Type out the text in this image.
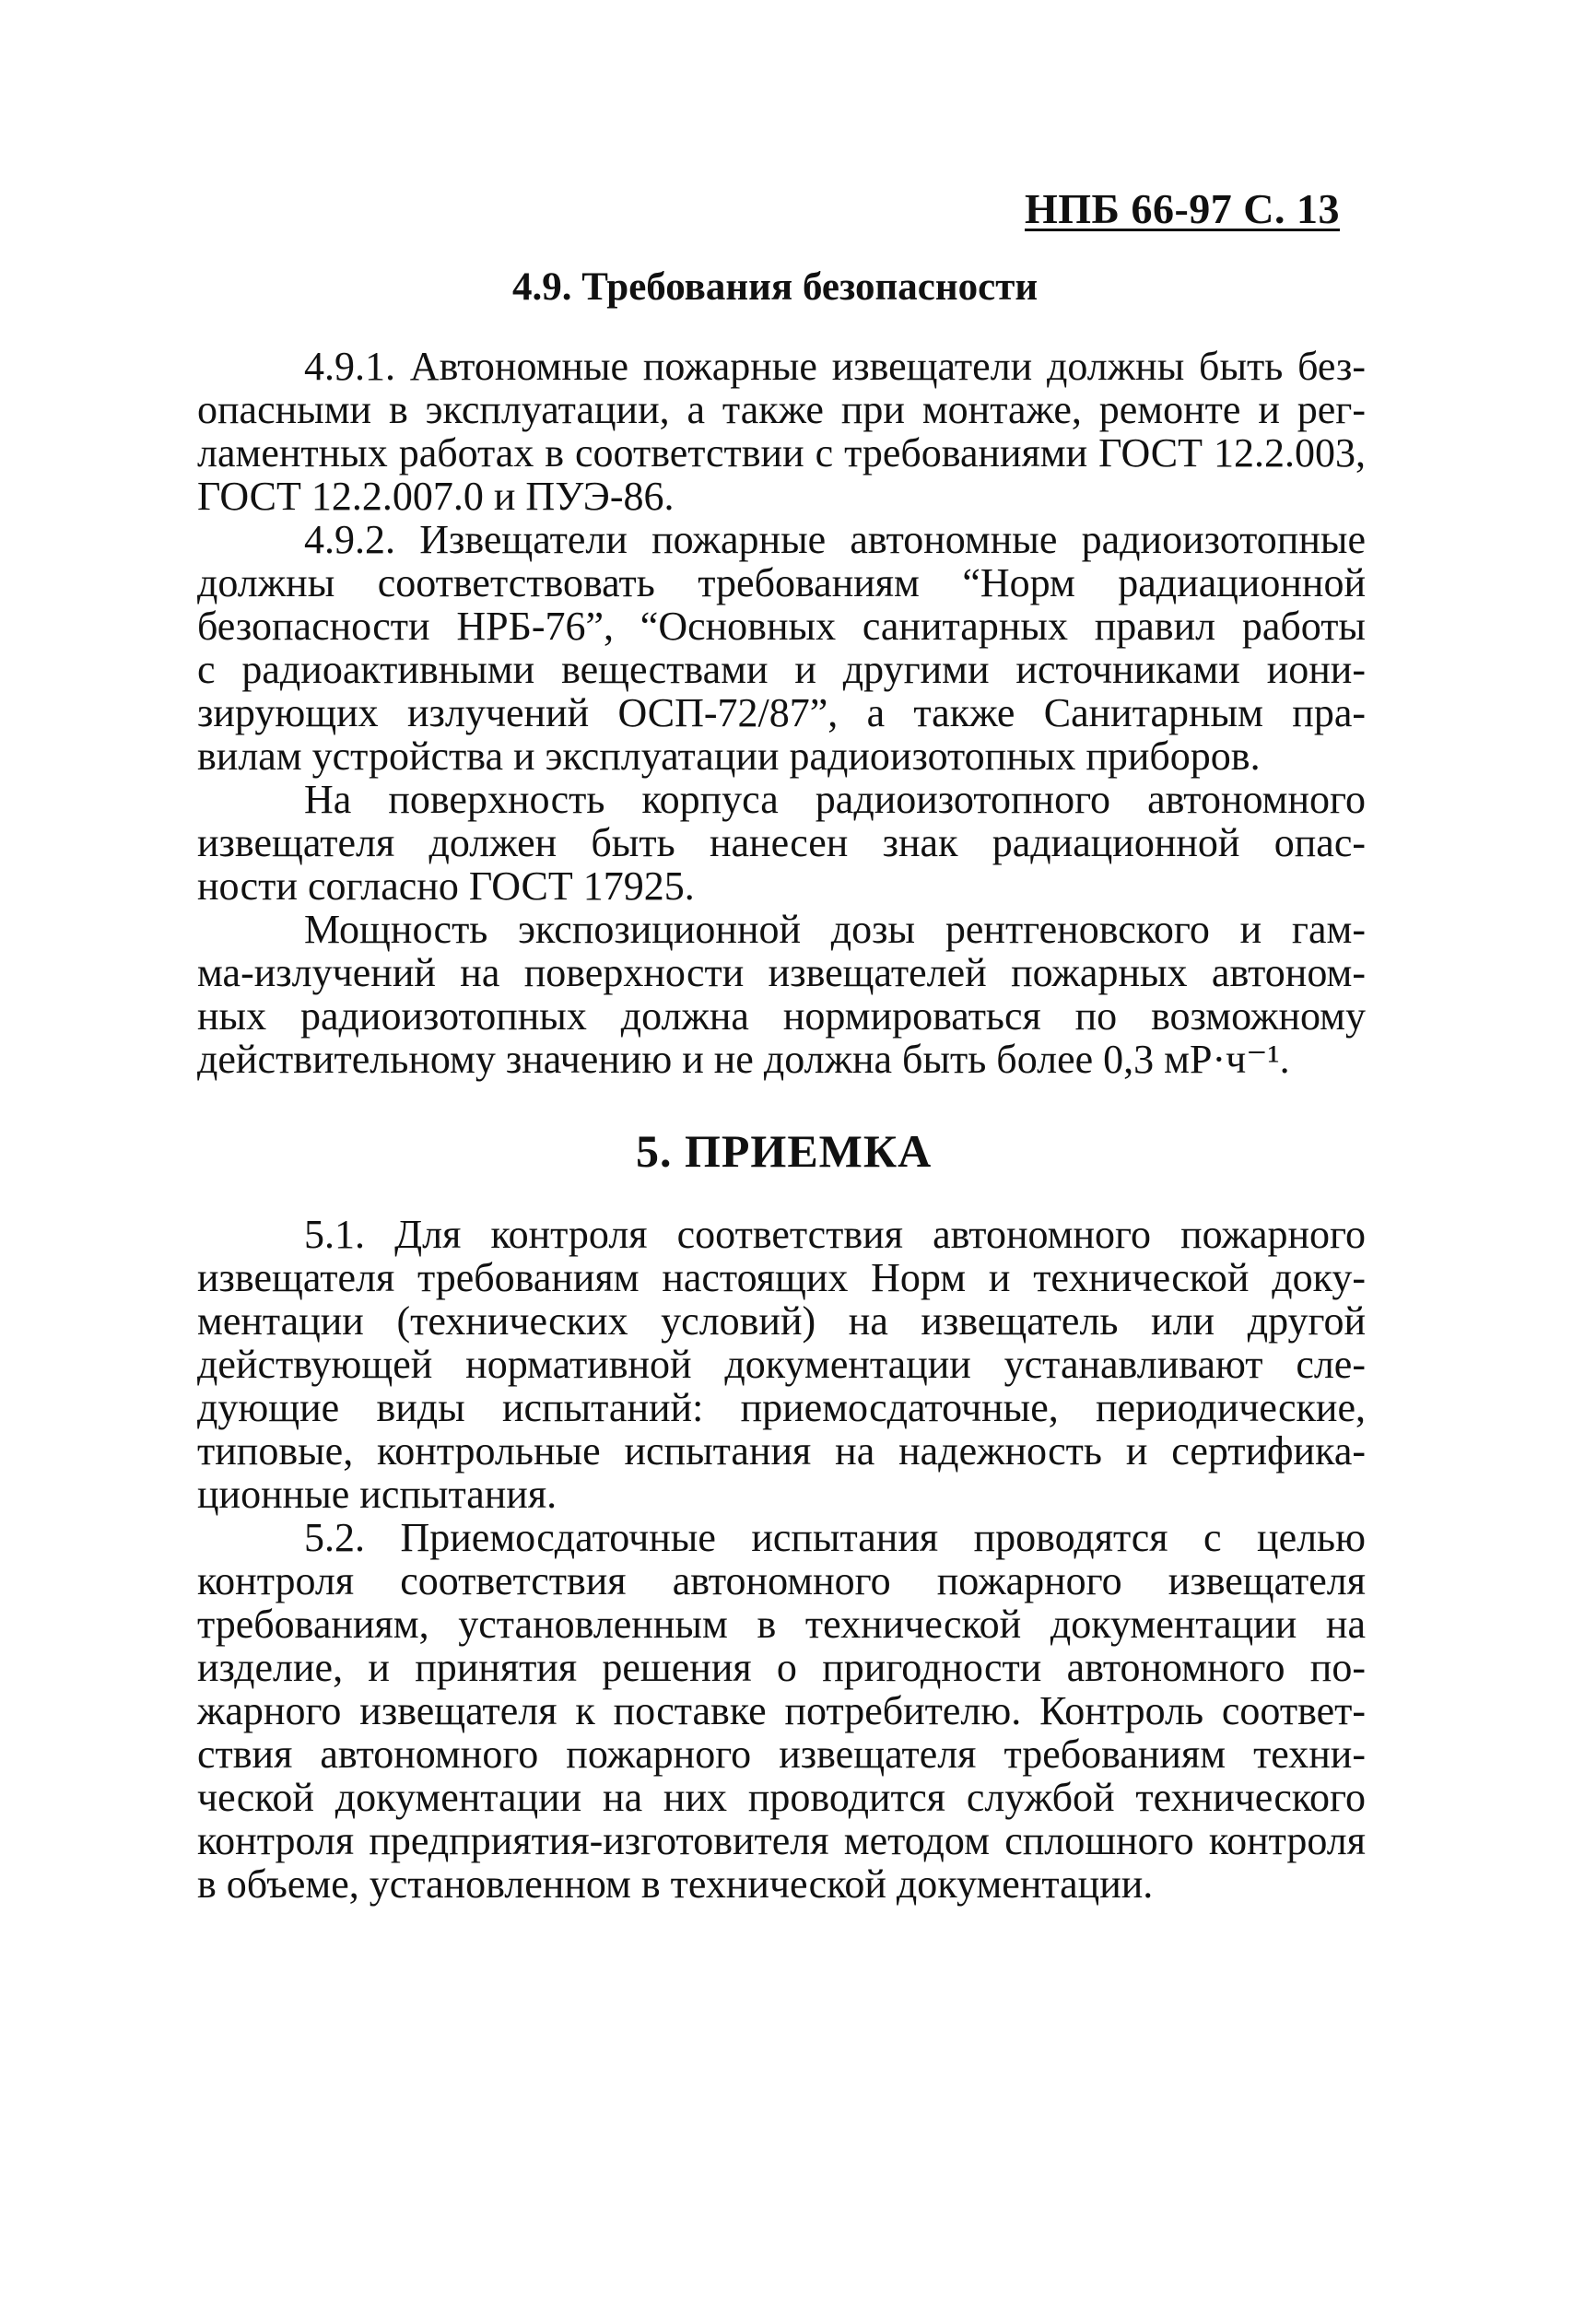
НПБ 66-97 С. 13
4.9. Требования безопасности
4.9.1. Автономные пожарные извещатели должны быть без-
опасными в эксплуатации, а также при монтаже, ремонте и рег-
ламентных работах в соответствии с требованиями ГОСТ 12.2.003,
ГОСТ 12.2.007.0 и ПУЭ-86.
4.9.2. Извещатели пожарные автономные радиоизотопные
должны соответствовать требованиям “Норм радиационной
безопасности НРБ-76”, “Основных санитарных правил работы
с радиоактивными веществами и другими источниками иони-
зирующих излучений ОСП-72/87”, а также Санитарным пра-
вилам устройства и эксплуатации радиоизотопных приборов.
На поверхность корпуса радиоизотопного автономного
извещателя должен быть нанесен знак радиационной опас-
ности согласно ГОСТ 17925.
Мощность экспозиционной дозы рентгеновского и гам-
ма-излучений на поверхности извещателей пожарных автоном-
ных радиоизотопных должна нормироваться по возможному
действительному значению и не должна быть более 0,3 мР·ч⁻¹.
5. ПРИЕМКА
5.1. Для контроля соответствия автономного пожарного
извещателя требованиям настоящих Норм и технической доку-
ментации (технических условий) на извещатель или другой
действующей нормативной документации устанавливают сле-
дующие виды испытаний: приемосдаточные, периодические,
типовые, контрольные испытания на надежность и сертифика-
ционные испытания.
5.2. Приемосдаточные испытания проводятся с целью
контроля соответствия автономного пожарного извещателя
требованиям, установленным в технической документации на
изделие, и принятия решения о пригодности автономного по-
жарного извещателя к поставке потребителю. Контроль соответ-
ствия автономного пожарного извещателя требованиям техни-
ческой документации на них проводится службой технического
контроля предприятия-изготовителя методом сплошного контроля
в объеме, установленном в технической документации.
